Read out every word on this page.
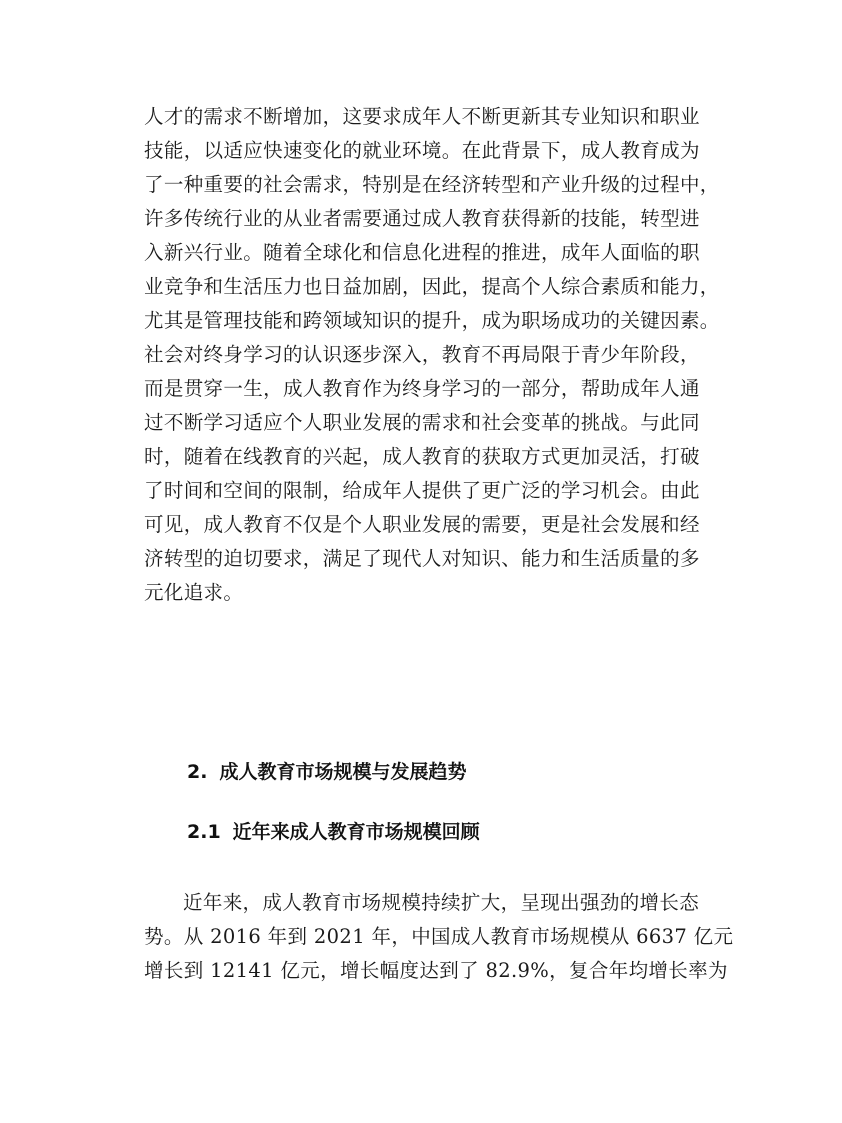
人才的需求不断增加，这要求成年人不断更新其专业知识和职业
技能，以适应快速变化的就业环境。在此背景下，成人教育成为
了一种重要的社会需求，特别是在经济转型和产业升级的过程中，
许多传统行业的从业者需要通过成人教育获得新的技能，转型进
入新兴行业。随着全球化和信息化进程的推进，成年人面临的职
业竞争和生活压力也日益加剧，因此，提高个人综合素质和能力，
尤其是管理技能和跨领域知识的提升，成为职场成功的关键因素。
社会对终身学习的认识逐步深入，教育不再局限于青少年阶段，
而是贯穿一生，成人教育作为终身学习的一部分，帮助成年人通
过不断学习适应个人职业发展的需求和社会变革的挑战。与此同
时，随着在线教育的兴起，成人教育的获取方式更加灵活，打破
了时间和空间的限制，给成年人提供了更广泛的学习机会。由此
可见，成人教育不仅是个人职业发展的需要，更是社会发展和经
济转型的迫切要求，满足了现代人对知识、能力和生活质量的多
元化追求。
2. 成人教育市场规模与发展趋势
2.1 近年来成人教育市场规模回顾
近年来，成人教育市场规模持续扩大，呈现出强劲的增长态
势。从 2016 年到 2021 年，中国成人教育市场规模从 6637 亿元
增长到 12141 亿元，增长幅度达到了 82.9%，复合年均增长率为
